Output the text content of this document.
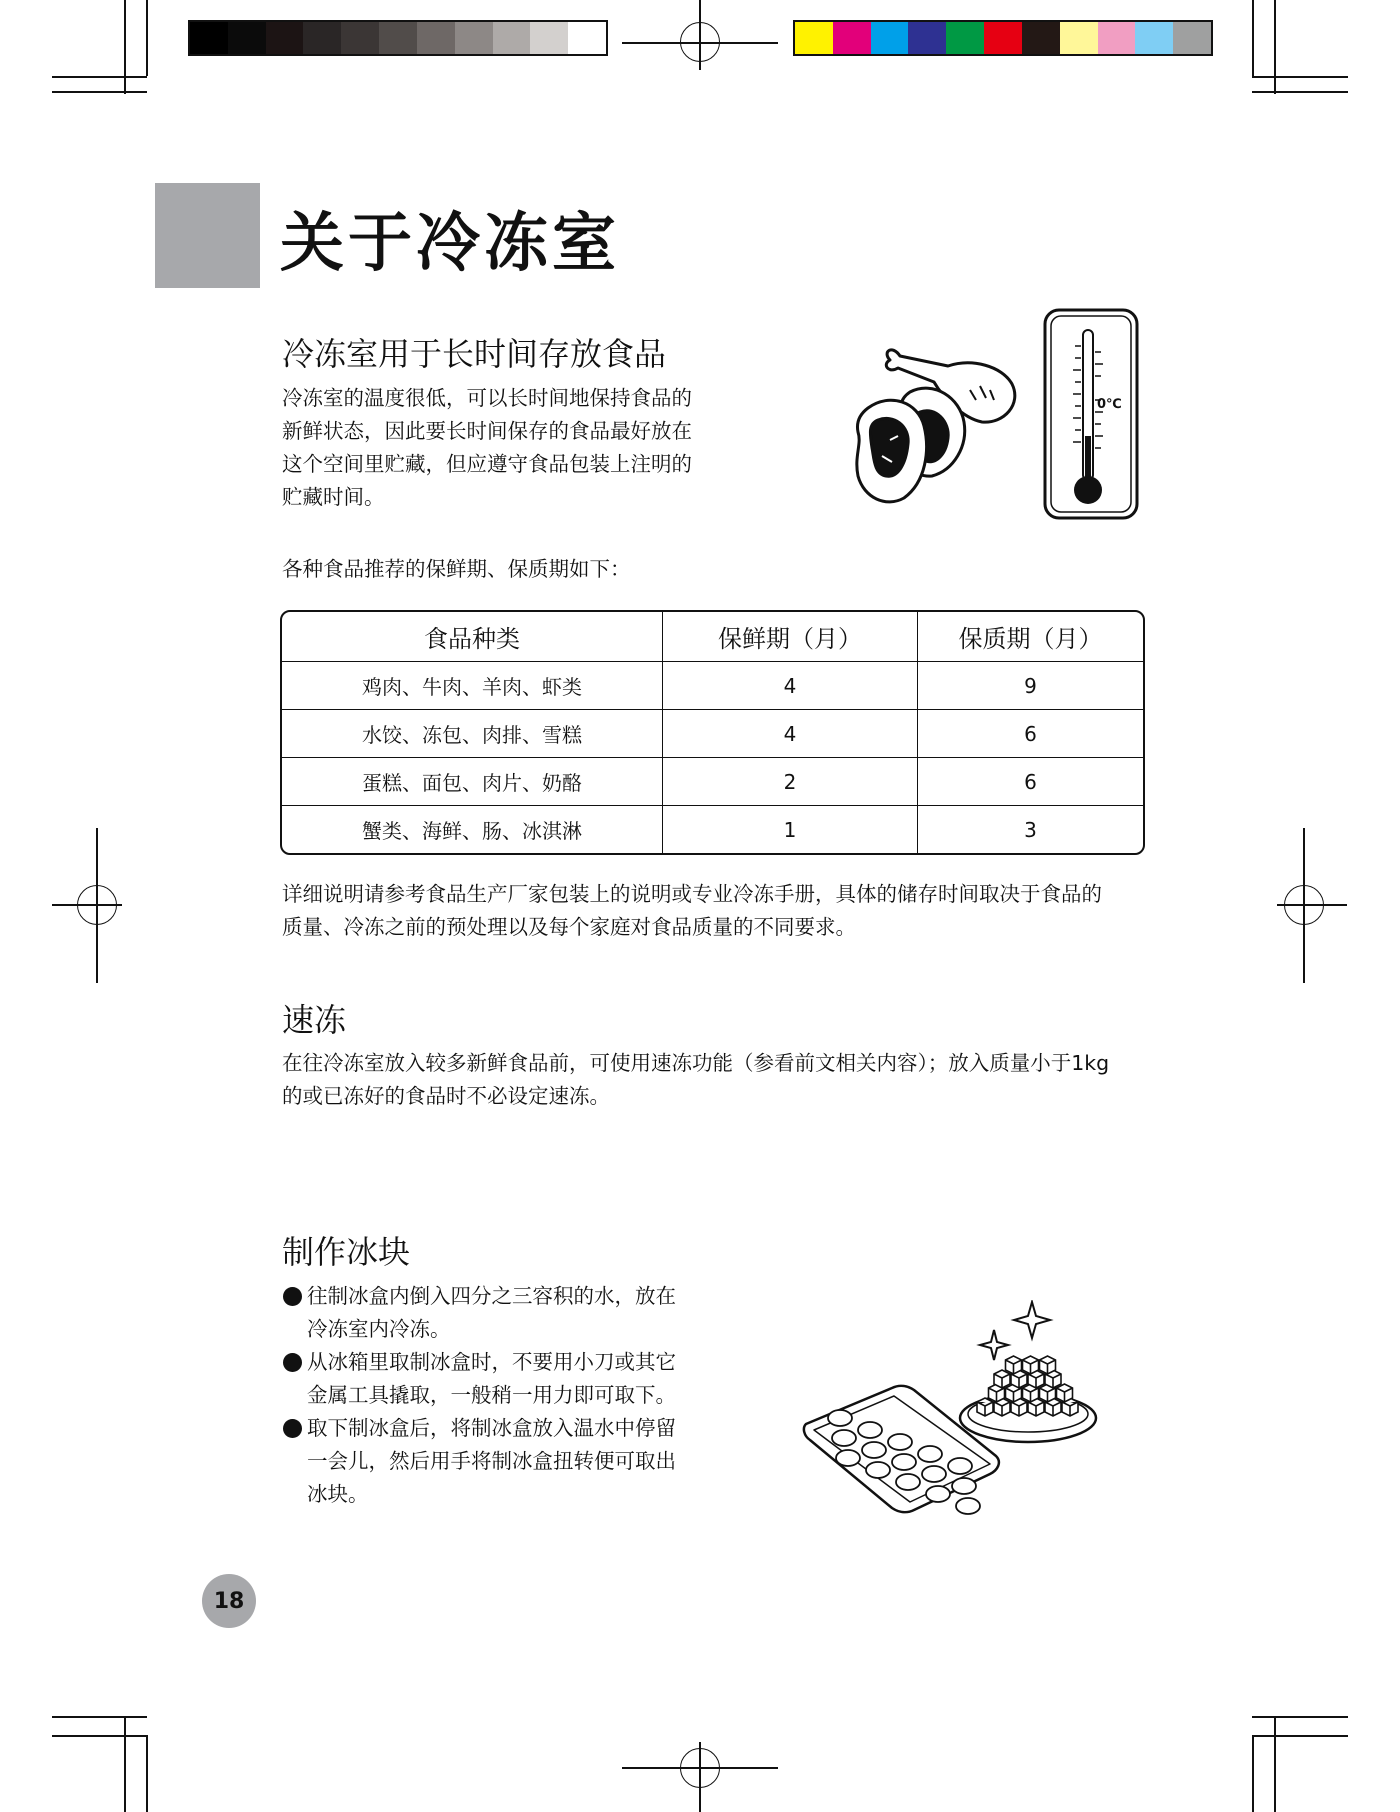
关于冷冻室
冷冻室用于长时间存放食品
冷冻室的温度很低，可以长时间地保持食品的
新鲜状态，因此要长时间保存的食品最好放在
这个空间里贮藏，但应遵守食品包装上注明的
贮藏时间。
0℃
各种食品推荐的保鲜期、保质期如下：
食品种类	保鲜期（月）	保质期（月）
鸡肉、牛肉、羊肉、虾类	4	9
水饺、冻包、肉排、雪糕	4	6
蛋糕、面包、肉片、奶酪	2	6
蟹类、海鲜、肠、冰淇淋	1	3
详细说明请参考食品生产厂家包装上的说明或专业冷冻手册，具体的储存时间取决于食品的
质量、冷冻之前的预处理以及每个家庭对食品质量的不同要求。
速冻
在往冷冻室放入较多新鲜食品前，可使用速冻功能（参看前文相关内容）；放入质量小于1kg
的或已冻好的食品时不必设定速冻。
制作冰块
往制冰盒内倒入四分之三容积的水，放在
冷冻室内冷冻。
从冰箱里取制冰盒时，不要用小刀或其它
金属工具撬取，一般稍一用力即可取下。
取下制冰盒后，将制冰盒放入温水中停留
一会儿，然后用手将制冰盒扭转便可取出
冰块。
18
